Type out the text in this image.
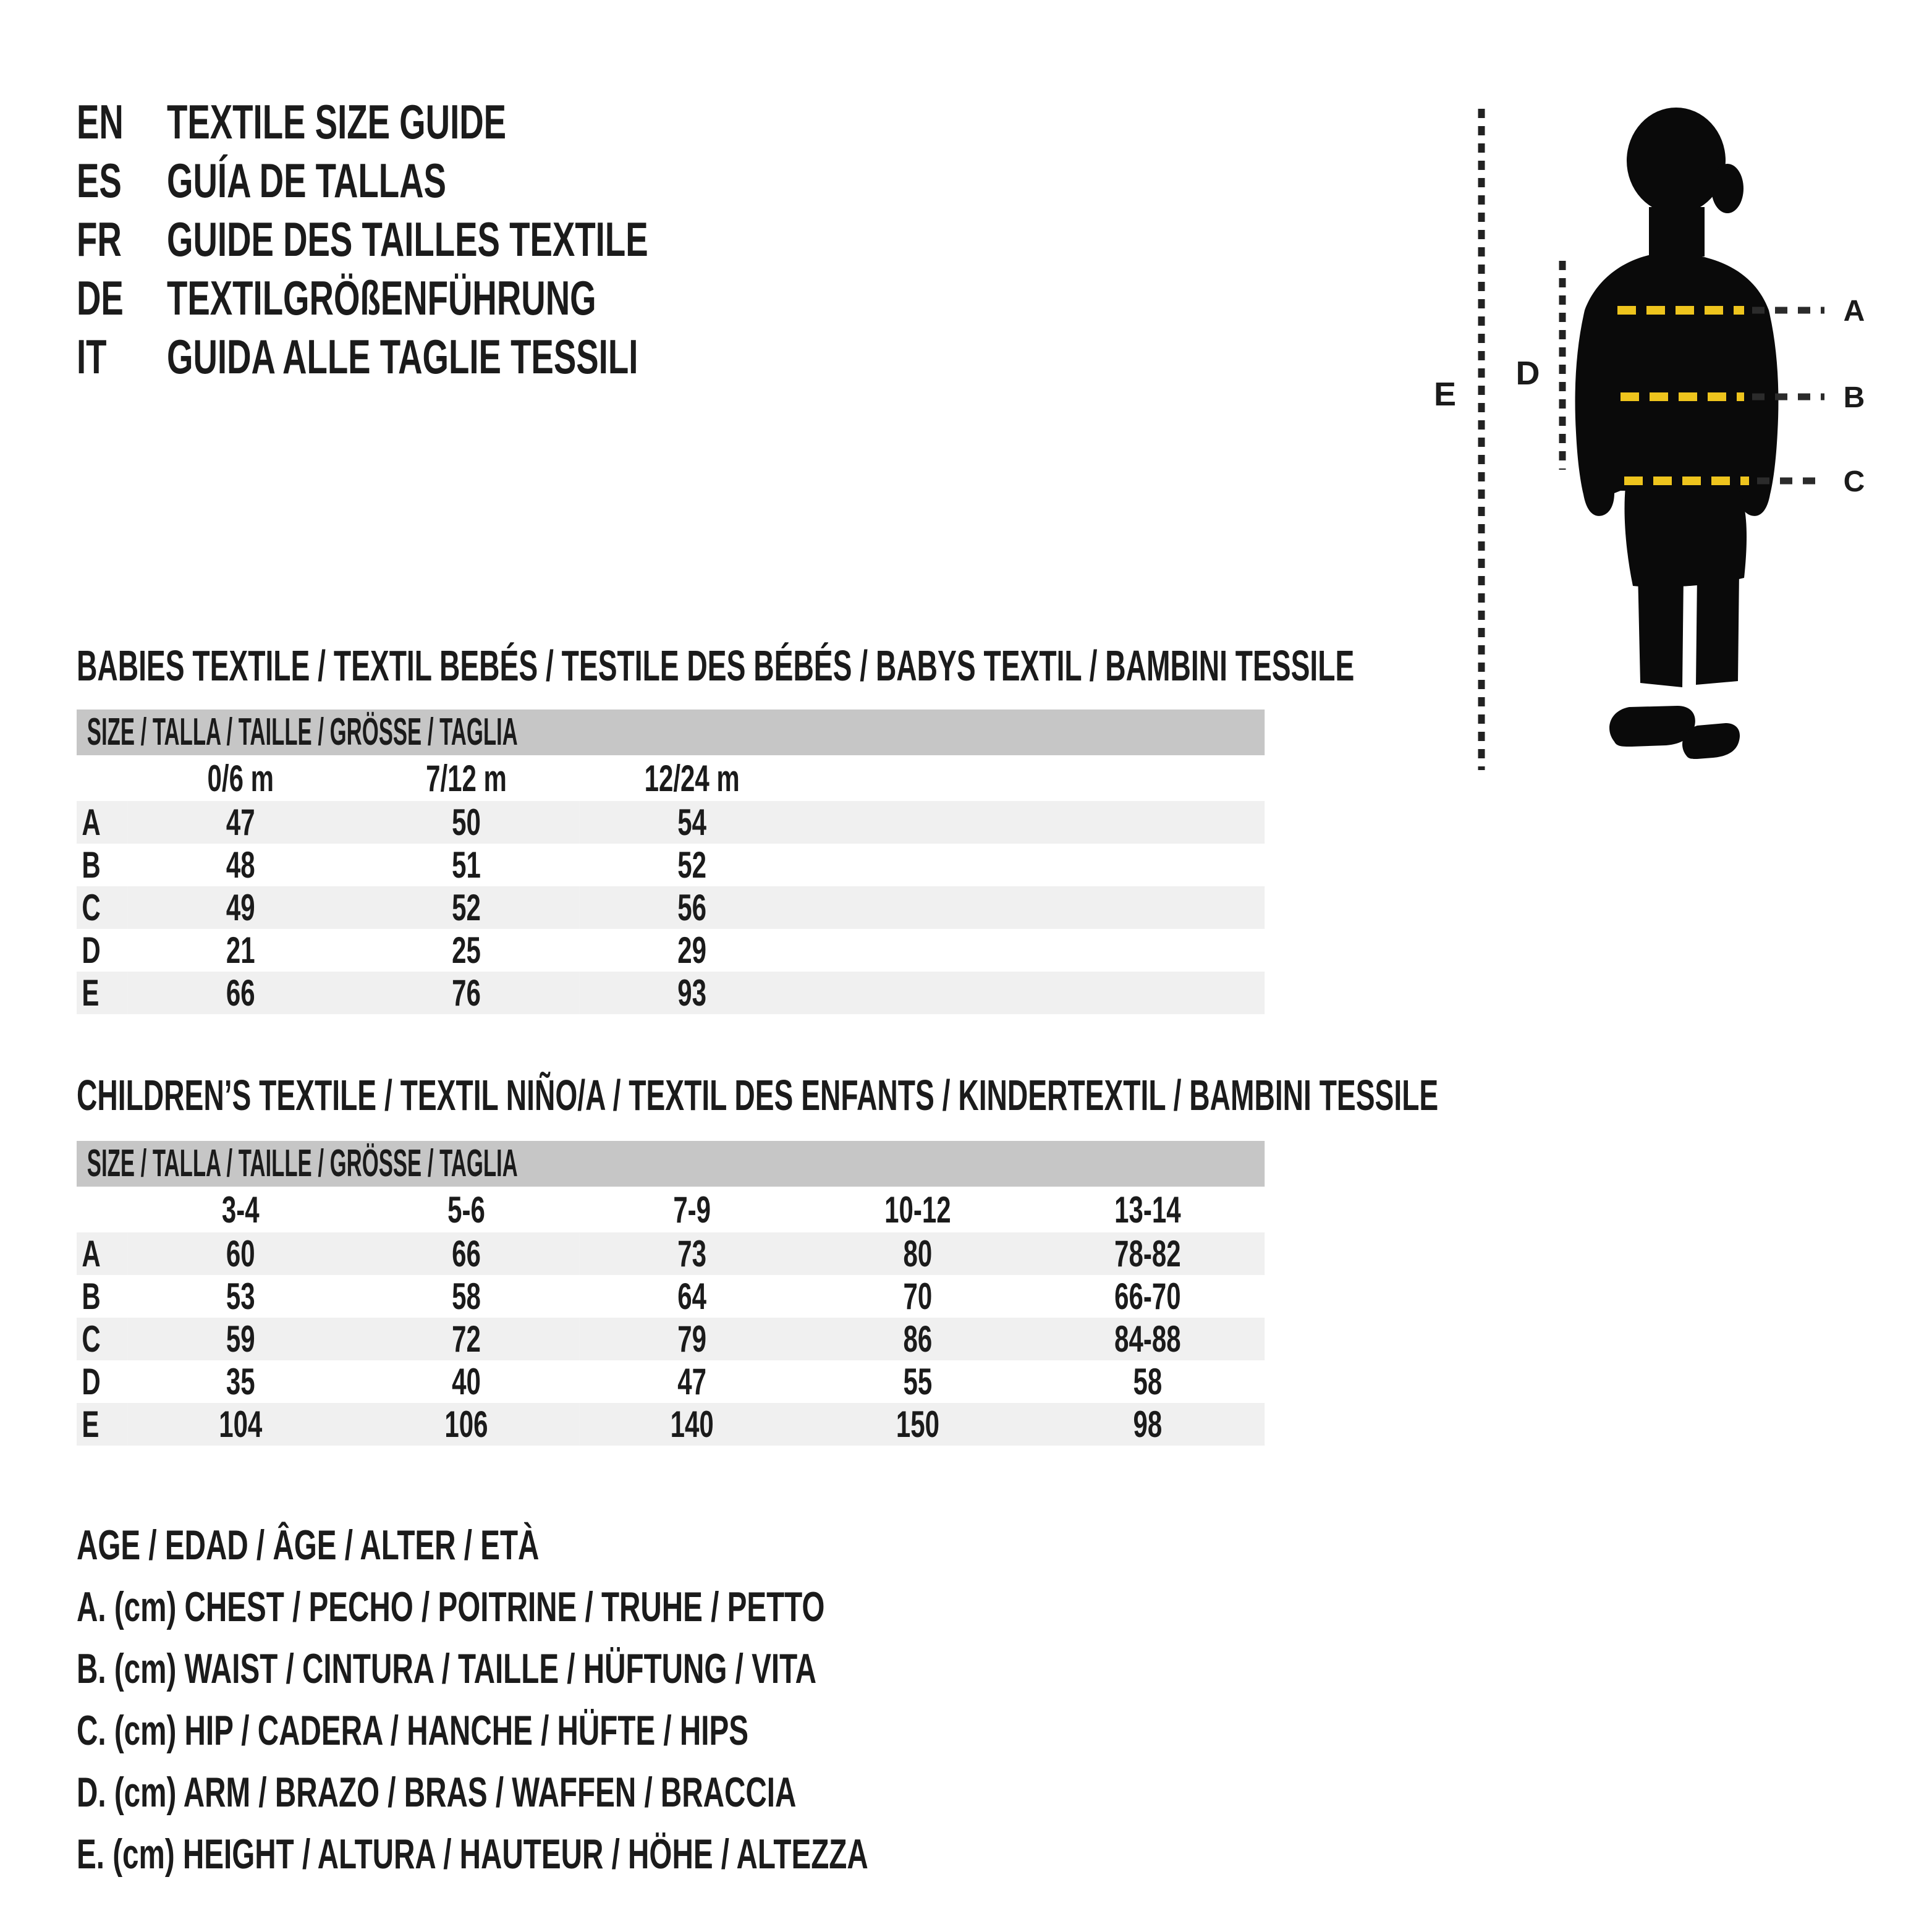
EN TEXTILE SIZE GUIDE
ES GUÍA DE TALLAS
FR GUIDE DES TAILLES TEXTILE
DE TEXTILGRÖßENFÜHRUNG
IT GUIDA ALLE TAGLIE TESSILI
E
D
A
B
C
BABIES TEXTILE / TEXTIL BEBÉS / TESTILE DES BÉBÉS / BABYS TEXTIL / BAMBINI TESSILE
SIZE / TALLA / TAILLE / GRÖSSE / TAGLIA
	0/6 m	7/12 m	12/24 m		
A	47	50	54		
B	48	51	52		
C	49	52	56		
D	21	25	29		
E	66	76	93		
CHILDREN’S TEXTILE / TEXTIL NIÑO/A / TEXTIL DES ENFANTS / KINDERTEXTIL / BAMBINI TESSILE
SIZE / TALLA / TAILLE / GRÖSSE / TAGLIA
	3-4	5-6	7-9	10-12	13-14
A	60	66	73	80	78-82
B	53	58	64	70	66-70
C	59	72	79	86	84-88
D	35	40	47	55	58
E	104	106	140	150	98
AGE / EDAD / ÂGE / ALTER / ETÀ
A. (cm) CHEST / PECHO / POITRINE / TRUHE / PETTO
B. (cm) WAIST / CINTURA / TAILLE / HÜFTUNG / VITA
C. (cm) HIP / CADERA / HANCHE / HÜFTE / HIPS
D. (cm) ARM / BRAZO / BRAS / WAFFEN / BRACCIA
E. (cm) HEIGHT / ALTURA / HAUTEUR / HÖHE / ALTEZZA
